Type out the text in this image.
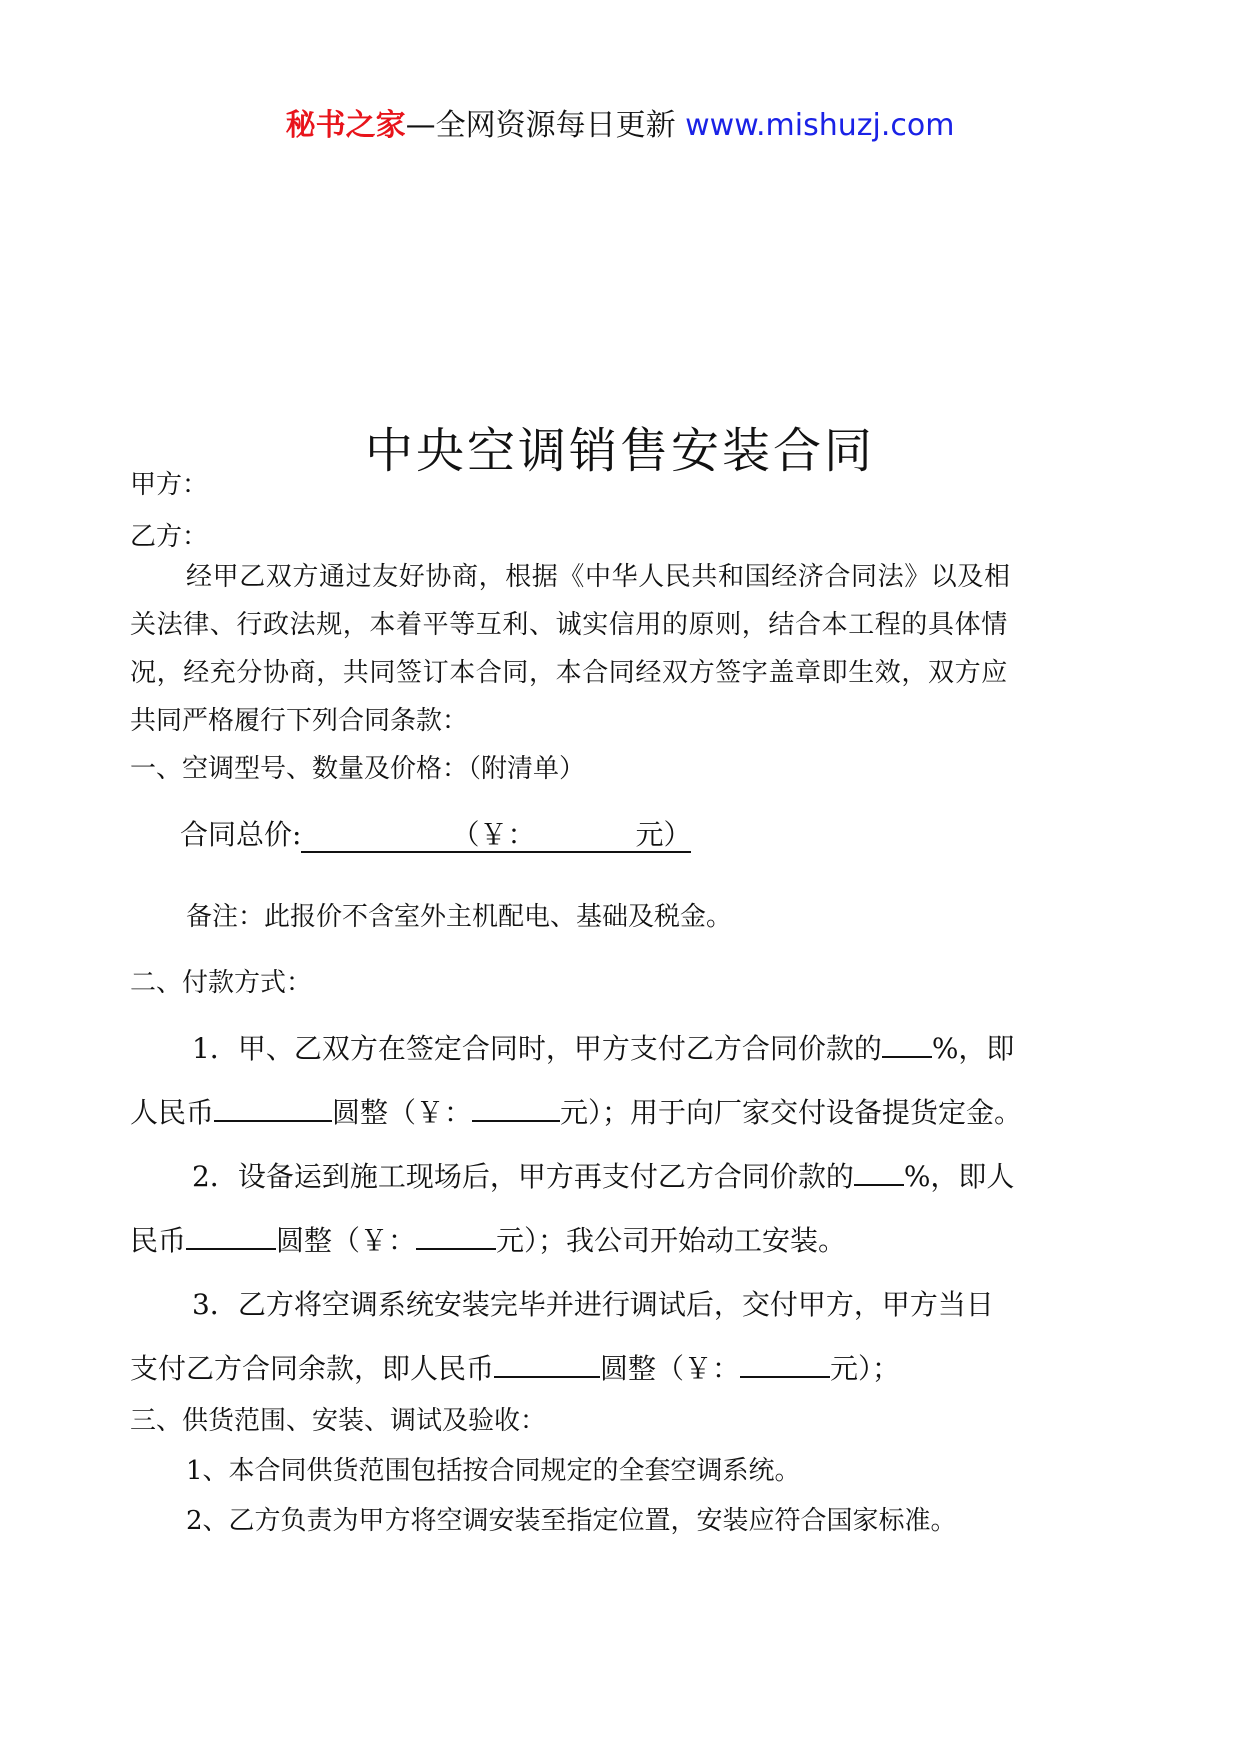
秘书之家—全网资源每日更新 www.mishuzj.com
中央空调销售安装合同
甲方：
乙方：
经甲乙双方通过友好协商，根据《中华人民共和国经济合同法》以及相
关法律、行政法规，本着平等互利、诚实信用的原则，结合本工程的具体情
况，经充分协商，共同签订本合同，本合同经双方签字盖章即生效，双方应
共同严格履行下列合同条款：
一、空调型号、数量及价格：（附清单）
合同总价:	（￥：	元）
备注：此报价不含室外主机配电、基础及税金。
二、付款方式：
1．甲、乙双方在签定合同时，甲方支付乙方合同价款的 %，即
人民币	圆整（￥：	元）；用于向厂家交付设备提货定金。
2．设备运到施工现场后，甲方再支付乙方合同价款的 %，即人
民币	圆整（￥：	元）；我公司开始动工安装。
3．乙方将空调系统安装完毕并进行调试后，交付甲方，甲方当日
支付乙方合同余款，即人民币	圆整（￥：	元）；
三、供货范围、安装、调试及验收：
1、本合同供货范围包括按合同规定的全套空调系统。
2、乙方负责为甲方将空调安装至指定位置，安装应符合国家标准。
